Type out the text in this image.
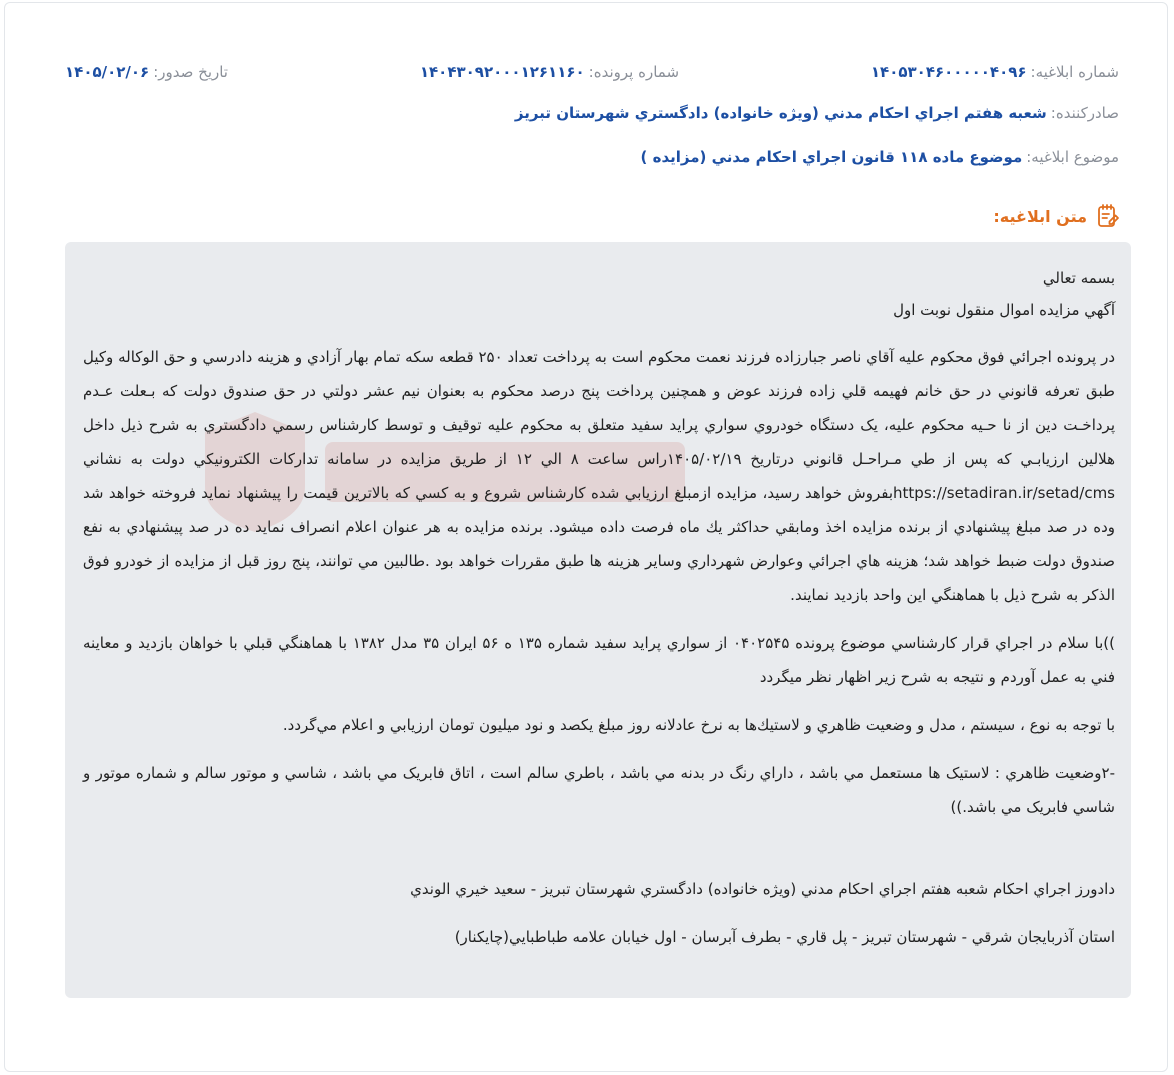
شماره ابلاغيه:
۱۴۰۵۳۰۴۶۰۰۰۰۰۴۰۹۶
شماره پرونده:
۱۴۰۴۳۰۹۲۰۰۰۱۲۶۱۱۶۰
تاريخ صدور:
۱۴۰۵/۰۲/۰۶
صادرکننده:
شعبه هفتم اجراي احكام مدني (ويژه خانواده) دادگستري شهرستان تبريز
موضوع ابلاغيه:
موضوع ماده ۱۱۸ قانون اجراي احكام مدني (مزايده )
متن ابلاغيه:

بسمه تعالي

آگهي مزايده اموال منقول نوبت اول

در پرونده اجرائي فوق محکوم عليه آقاي ناصر جبارزاده فرزند نعمت محکوم است به پرداخت تعداد ۲۵۰ قطعه سکه تمام بهار آزادي و هزينه دادرسي و حق الوکاله وکيل طبق تعرفه قانوني در حق خانم فهيمه قلي زاده فرزند عوض و همچنين پرداخت پنج درصد محکوم به بعنوان نيم عشر دولتي در حق صندوق دولت که بـعلت عـدم پرداخـت دين از نا حـيه محکوم عليه، يک دستگاه خودروي سواري پرايد سفيد متعلق به محکوم عليه توقيف و توسط کارشناس رسمي دادگستري به شرح ذيل داخل هلالين ارزيابـي که پس از طي مـراحـل قانوني درتاريخ ۱۴۰۵/۰۲/۱۹راس ساعت ۸ الي ۱۲ از طريق مزايده در سامانه تدارکات الکترونيکي دولت به نشاني https://setadiran.ir/setad/cmsبفروش خواهد رسيد، مزايده ازمبلغ ارزيابي شده کارشناس شروع و به کسي که بالاترين قيمت را پيشنهاد نمايد فروخته خواهد شد وده در صد مبلغ پيشنهادي از برنده مزايده اخذ ومابقي حداکثر يك ماه فرصت داده ميشود. برنده مزايده به هر عنوان اعلام انصراف نمايد ده در صد پيشنهادي به نفع صندوق دولت ضبط خواهد شد؛ هزينه هاي اجرائي وعوارض شهرداري وساير هزينه ها طبق مقررات خواهد بود .طالبين مي توانند، پنج روز قبل از مزايده از خودرو فوق الذکر به شرح ذيل با هماهنگي اين واحد بازديد نمايند.

))با سلام در اجراي قرار كارشناسي موضوع پرونده ۰۴۰۲۵۴۵ از سواري پرايد سفيد شماره ۱۳۵ ه ۵۶ ايران ۳۵ مدل ۱۳۸۲ با هماهنگي قبلي با خواهان بازديد و معاينه فني به عمل آوردم و نتيجه به شرح زير اظهار نظر ميگردد

با توجه به نوع ، سيستم ، مدل و وضعيت ظاهري و لاستيك‌ها به نرخ عادلانه روز مبلغ يكصد و نود ميليون تومان ارزيابي و اعلام مي‌گردد.

-۲وضعيت ظاهري : لاستيک ها مستعمل مي باشد ، داراي رنگ در بدنه مي باشد ، باطري سالم است ، اتاق فابريک مي باشد ، شاسي و موتور سالم و شماره موتور و شاسي فابريک مي باشد.))

دادورز اجراي احكام شعبه هفتم اجراي احكام مدني (ويژه خانواده) دادگستري شهرستان تبريز - سعيد خيري الوندي

استان آذربايجان شرقي - شهرستان تبريز - پل قاري - بطرف آبرسان - اول خيابان علامه طباطبايي(چايكنار)
